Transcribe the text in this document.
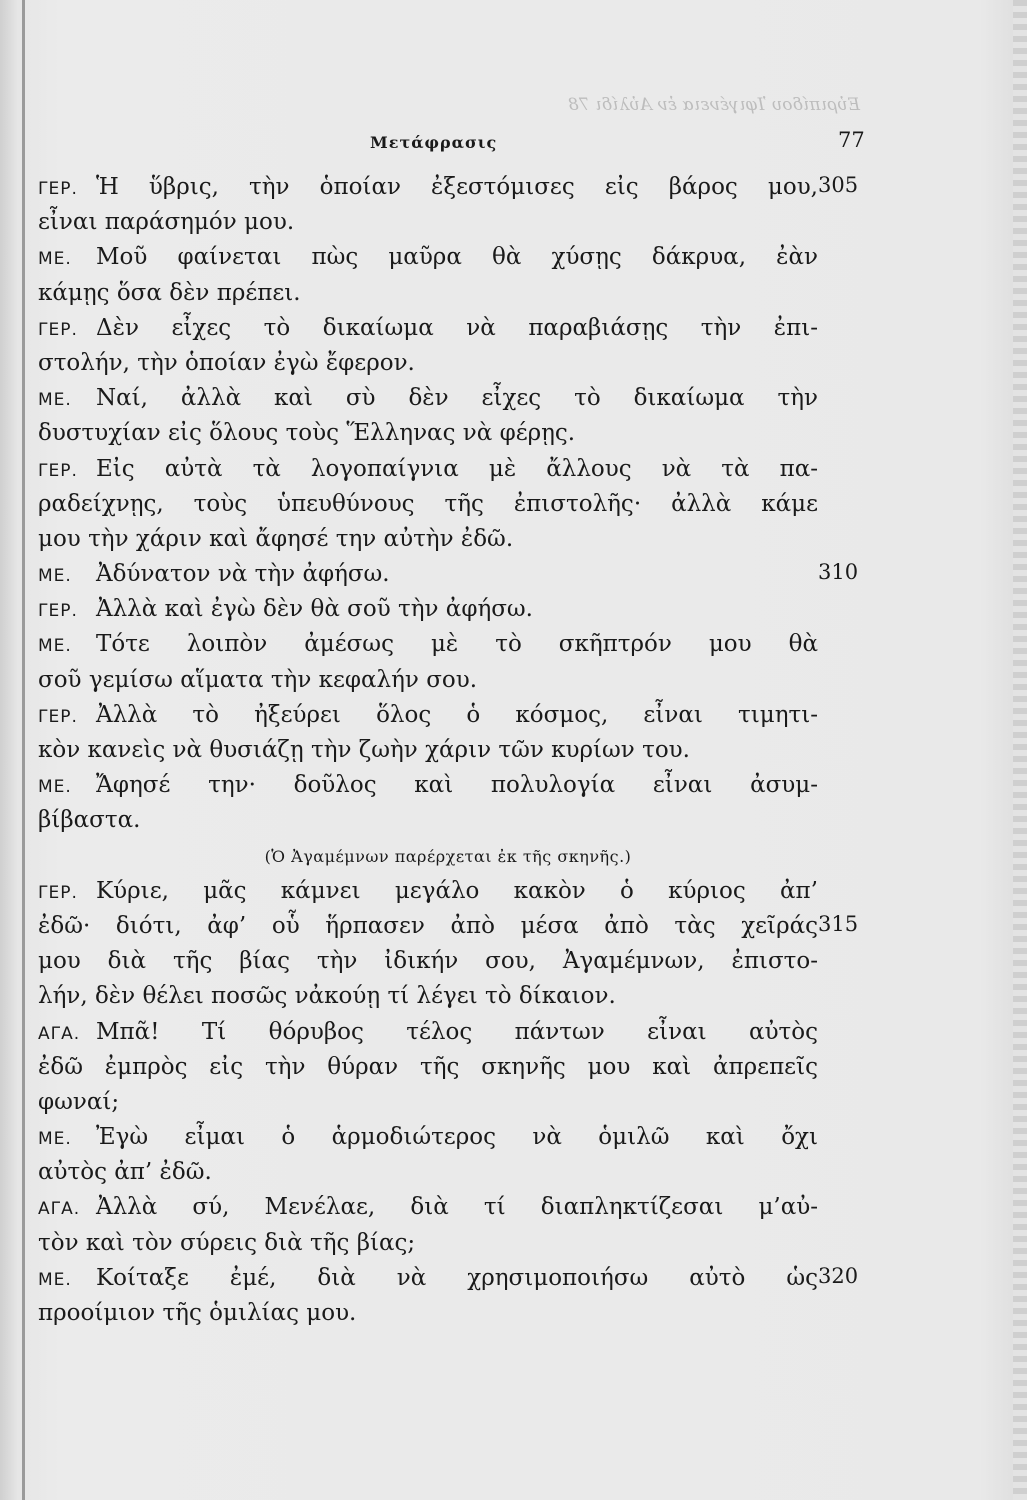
Εὐριπίδου Ἰφιγένεια ἐν Αὐλίδι 78
Μετάφρασις	77
ΓΕΡ. Ἡ ὕβρις, τὴν ὁποίαν ἐξεστόμισες εἰς βάρος μου,
εἶναι παράσημόν μου.
ΜΕ. Μοῦ φαίνεται πὼς μαῦρα θὰ χύσῃς δάκρυα, ἐὰν
κάμῃς ὅσα δὲν πρέπει.
ΓΕΡ. Δὲν εἶχες τὸ δικαίωμα νὰ παραβιάσῃς τὴν ἐπι-
στολήν, τὴν ὁποίαν ἐγὼ ἔφερον.
ΜΕ. Ναί, ἀλλὰ καὶ σὺ δὲν εἶχες τὸ δικαίωμα τὴν
δυστυχίαν εἰς ὅλους τοὺς Ἕλληνας νὰ φέρῃς.
ΓΕΡ. Εἰς αὐτὰ τὰ λογοπαίγνια μὲ ἄλλους νὰ τὰ πα-
ραδείχνῃς, τοὺς ὑπευθύνους τῆς ἐπιστολῆς· ἀλλὰ κάμε
μου τὴν χάριν καὶ ἄφησέ την αὐτὴν ἐδῶ.
ΜΕ. Ἀδύνατον νὰ τὴν ἀφήσω.
ΓΕΡ. Ἀλλὰ καὶ ἐγὼ δὲν θὰ σοῦ τὴν ἀφήσω.
ΜΕ. Τότε λοιπὸν ἀμέσως μὲ τὸ σκῆπτρόν μου θὰ
σοῦ γεμίσω αἵματα τὴν κεφαλήν σου.
ΓΕΡ. Ἀλλὰ τὸ ἠξεύρει ὅλος ὁ κόσμος, εἶναι τιμητι-
κὸν κανεὶς νὰ θυσιάζῃ τὴν ζωὴν χάριν τῶν κυρίων του.
ΜΕ. Ἄφησέ την· δοῦλος καὶ πολυλογία εἶναι ἀσυμ-
βίβαστα.
(Ὁ Ἀγαμέμνων παρέρχεται ἐκ τῆς σκηνῆς.)
ΓΕΡ. Κύριε, μᾶς κάμνει μεγάλο κακὸν ὁ κύριος ἀπ’
ἐδῶ· διότι, ἀφ’ οὗ ἥρπασεν ἀπὸ μέσα ἀπὸ τὰς χεῖράς
μου διὰ τῆς βίας τὴν ἰδικήν σου, Ἀγαμέμνων, ἐπιστο-
λήν, δὲν θέλει ποσῶς νἀκούῃ τί λέγει τὸ δίκαιον.
ΑΓΑ. Μπᾶ! Τί θόρυβος τέλος πάντων εἶναι αὐτὸς
ἐδῶ ἐμπρὸς εἰς τὴν θύραν τῆς σκηνῆς μου καὶ ἀπρεπεῖς
φωναί;
ΜΕ. Ἐγὼ εἶμαι ὁ ἁρμοδιώτερος νὰ ὁμιλῶ καὶ ὄχι
αὐτὸς ἀπ’ ἐδῶ.
ΑΓΑ. Ἀλλὰ σύ, Μενέλαε, διὰ τί διαπληκτίζεσαι μ’αὐ-
τὸν καὶ τὸν σύρεις διὰ τῆς βίας;
ΜΕ. Κοίταξε ἐμέ, διὰ νὰ χρησιμοποιήσω αὐτὸ ὡς
προοίμιον τῆς ὁμιλίας μου.
305
310
315
320
